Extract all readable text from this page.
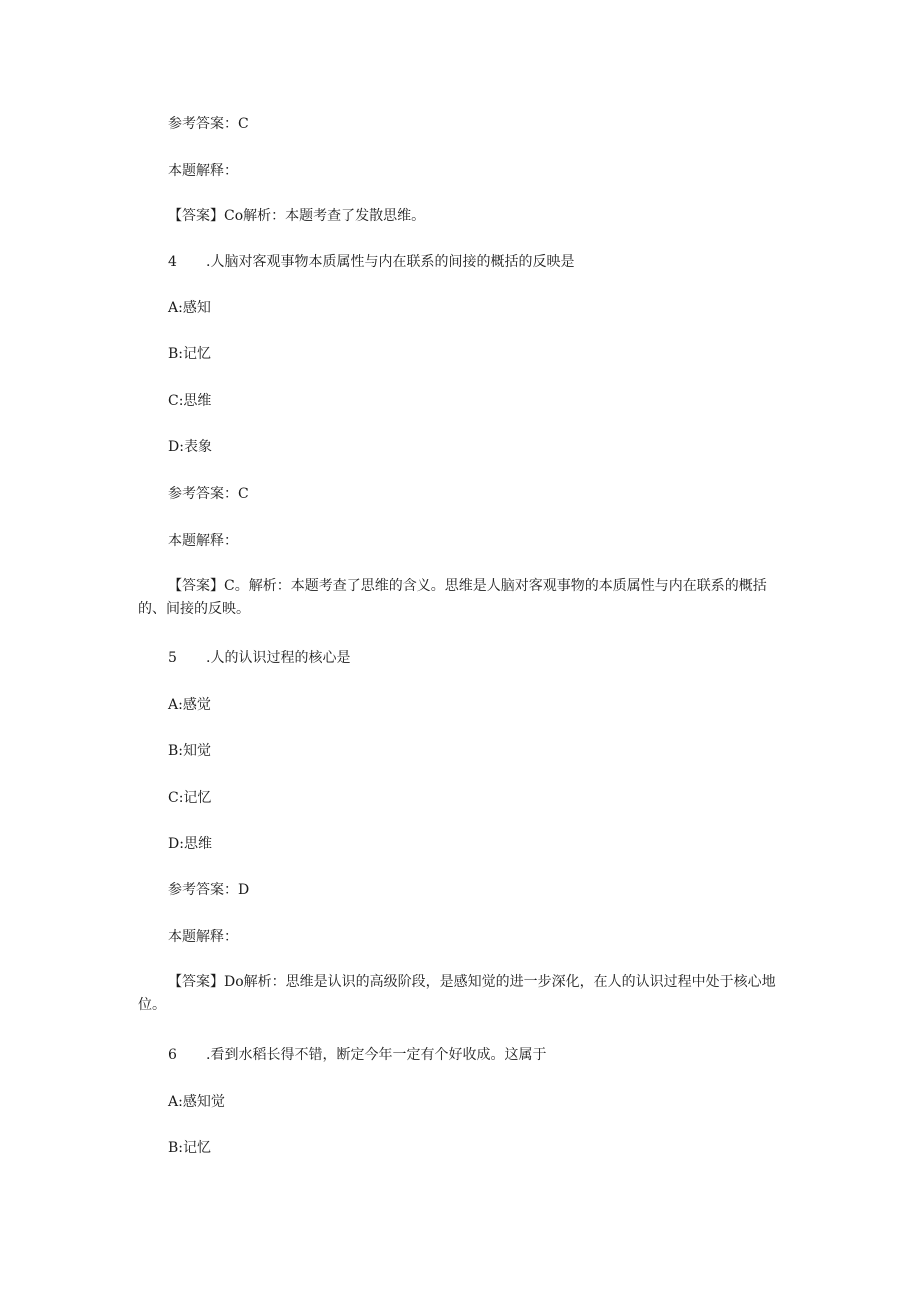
参考答案：C
本题解释：
【答案】Co解析：本题考查了发散思维。
4 .人脑对客观事物本质属性与内在联系的间接的概括的反映是
A:感知
B:记忆
C:思维
D:表象
参考答案：C
本题解释：
【答案】C。解析：本题考查了思维的含义。思维是人脑对客观事物的本质属性与内在联系的概括的、间接的反映。
5 .人的认识过程的核心是
A:感觉
B:知觉
C:记忆
D:思维
参考答案：D
本题解释：
【答案】Do解析：思维是认识的高级阶段，是感知觉的进一步深化，在人的认识过程中处于核心地位。
6 .看到水稻长得不错，断定今年一定有个好收成。这属于
A:感知觉
B:记忆
